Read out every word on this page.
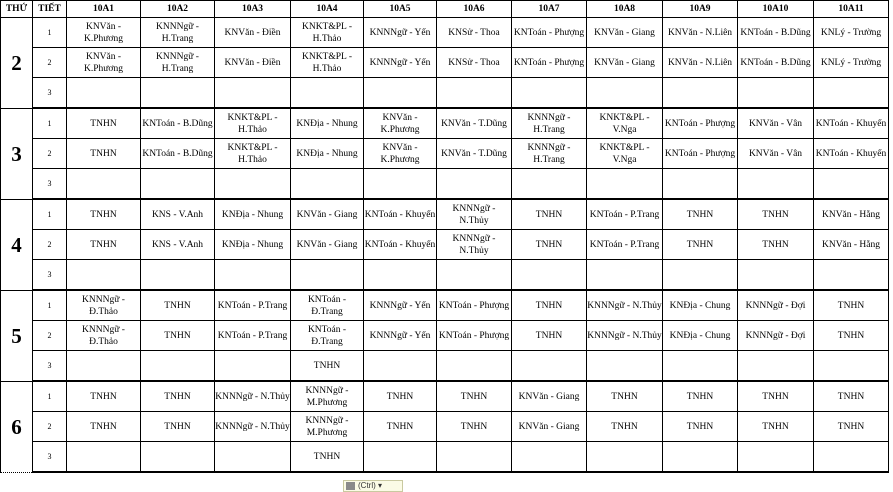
THỨ	TIẾT	10A1	10A2	10A3	10A4	10A5	10A6	10A7	10A8	10A9	10A10	10A11
2	1	KNVăn - K.Phương	KNNNgữ - H.Trang	KNVăn - Điền	KNKT&PL - H.Thảo	KNNNgữ - Yến	KNSử - Thoa	KNToán - Phượng	KNVăn - Giang	KNVăn - N.Liên	KNToán - B.Dũng	KNLý - Trường
	2	KNVăn - K.Phương	KNNNgữ - H.Trang	KNVăn - Điền	KNKT&PL - H.Thảo	KNNNgữ - Yến	KNSử - Thoa	KNToán - Phượng	KNVăn - Giang	KNVăn - N.Liên	KNToán - B.Dũng	KNLý - Trường
	3											
3	1	TNHN	KNToán - B.Dũng	KNKT&PL - H.Thảo	KNĐịa - Nhung	KNVăn - K.Phương	KNVăn - T.Dũng	KNNNgữ - H.Trang	KNKT&PL - V.Nga	KNToán - Phượng	KNVăn - Vân	KNToán - Khuyến
	2	TNHN	KNToán - B.Dũng	KNKT&PL - H.Thảo	KNĐịa - Nhung	KNVăn - K.Phương	KNVăn - T.Dũng	KNNNgữ - H.Trang	KNKT&PL - V.Nga	KNToán - Phượng	KNVăn - Vân	KNToán - Khuyến
	3											
4	1	TNHN	KNS - V.Anh	KNĐịa - Nhung	KNVăn - Giang	KNToán - Khuyến	KNNNgữ - N.Thủy	TNHN	KNToán - P.Trang	TNHN	TNHN	KNVăn - Hằng
	2	TNHN	KNS - V.Anh	KNĐịa - Nhung	KNVăn - Giang	KNToán - Khuyến	KNNNgữ - N.Thủy	TNHN	KNToán - P.Trang	TNHN	TNHN	KNVăn - Hằng
	3											
5	1	KNNNgữ - Đ.Thảo	TNHN	KNToán - P.Trang	KNToán - Đ.Trang	KNNNgữ - Yến	KNToán - Phượng	TNHN	KNNNgữ - N.Thủy	KNĐịa - Chung	KNNNgữ - Đợi	TNHN
	2	KNNNgữ - Đ.Thảo	TNHN	KNToán - P.Trang	KNToán - Đ.Trang	KNNNgữ - Yến	KNToán - Phượng	TNHN	KNNNgữ - N.Thủy	KNĐịa - Chung	KNNNgữ - Đợi	TNHN
	3				TNHN							
6	1	TNHN	TNHN	KNNNgữ - N.Thủy	KNNNgữ - M.Phương	TNHN	TNHN	KNVăn - Giang	TNHN	TNHN	TNHN	TNHN
	2	TNHN	TNHN	KNNNgữ - N.Thủy	KNNNgữ - M.Phương	TNHN	TNHN	KNVăn - Giang	TNHN	TNHN	TNHN	TNHN
	3				TNHN							
(Ctrl) ▾
